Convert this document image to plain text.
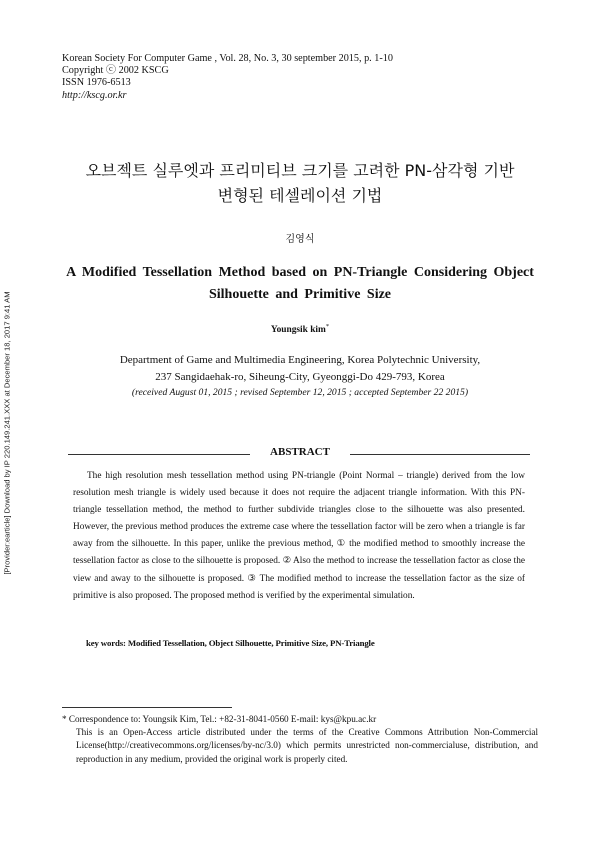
[Provider:earticle] Download by IP 220.149.241.XXX at December 18, 2017 9:41 AM
Korean Society For Computer Game , Vol. 28, No. 3, 30 september 2015, p. 1-10
Copyright ⓒ 2002 KSCG
ISSN 1976-6513
http://kscg.or.kr
오브젝트 실루엣과 프리미티브 크기를 고려한 PN-삼각형 기반
변형된 테셀레이션 기법
김영식
A Modified Tessellation Method based on PN-Triangle Considering Object
Silhouette and Primitive Size
Youngsik kim*
Department of Game and Multimedia Engineering, Korea Polytechnic University,
237 Sangidaehak-ro, Siheung-City, Gyeonggi-Do 429-793, Korea
(received August 01, 2015 ; revised September 12, 2015 ; accepted September 22 2015)
ABSTRACT

The high resolution mesh tessellation method using PN-triangle (Point Normal – triangle) derived from the low resolution mesh triangle is widely used because it does not require the adjacent triangle information. With this PN-triangle tessellation method, the method to further subdivide triangles close to the silhouette was also presented. However, the previous method produces the extreme case where the tessellation factor will be zero when a triangle is far away from the silhouette. In this paper, unlike the previous method, ① the modified method to smoothly increase the tessellation factor as close to the silhouette is proposed. ② Also the method to increase the tessellation factor as close the view and away to the silhouette is proposed. ③ The modified method to increase the tessellation factor as the size of primitive is also proposed. The proposed method is verified by the experimental simulation.

key words: Modified Tessellation, Object Silhouette, Primitive Size, PN-Triangle
* Correspondence to: Youngsik Kim, Tel.: +82-31-8041-0560 E-mail: kys@kpu.ac.kr
This is an Open-Access article distributed under the terms of the Creative Commons Attribution Non-Commercial License(http://creativecommons.org/licenses/by-nc/3.0) which permits unrestricted non-commercialuse, distribution, and reproduction in any medium, provided the original work is properly cited.
